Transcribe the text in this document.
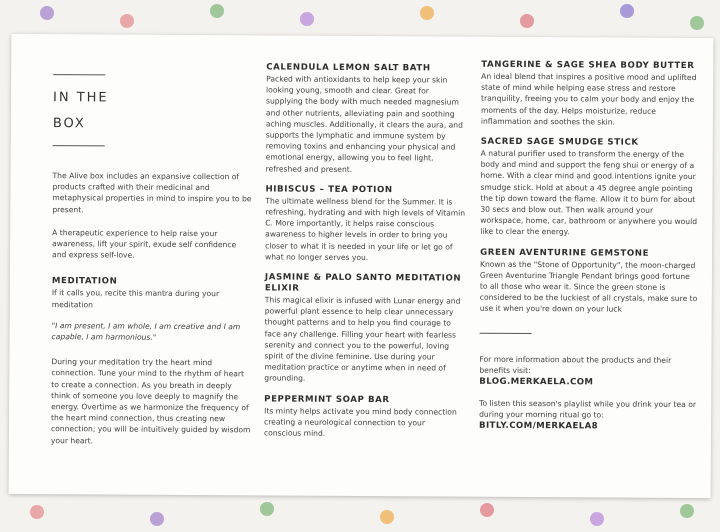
IN THE
BOX

The Alive box includes an expansive collection of products crafted with their medicinal and metaphysical properties in mind to inspire you to be present.

A therapeutic experience to help raise your awareness, lift your spirit, exude self confidence and express self-love.

MEDITATION

If it calls you, recite this mantra during your meditation

"I am present, I am whole, I am creative and I am capable, I am harmonious."

During your meditation try the heart mind connection. Tune your mind to the rhythm of heart to create a connection. As you breath in deeply think of someone you love deeply to magnify the energy. Overtime as we harmonize the frequency of the heart mind connection, thus creating new connection; you will be intuitively guided by wisdom your heart.

CALENDULA LEMON SALT BATH

Packed with antioxidants to help keep your skin looking young, smooth and clear. Great for supplying the body with much needed magnesium and other nutrients, alleviating pain and soothing aching muscles. Additionally, it clears the aura, and supports the lymphatic and immune system by removing toxins and enhancing your physical and emotional energy, allowing you to feel light, refreshed and present.

HIBISCUS – TEA POTION

The ultimate wellness blend for the Summer. It is refreshing, hydrating and with high levels of Vitamin C. More importantly, it helps raise conscious awareness to higher levels in order to bring you closer to what it is needed in your life or let go of what no longer serves you.

JASMINE & PALO SANTO MEDITATION ELIXIR

This magical elixir is infused with Lunar energy and powerful plant essence to help clear unnecessary thought patterns and to help you find courage to face any challenge. Filling your heart with fearless serenity and connect you to the powerful, loving spirit of the divine feminine. Use during your meditation practice or anytime when in need of grounding.

PEPPERMINT SOAP BAR

Its minty helps activate you mind body connection creating a neurological connection to your conscious mind.

TANGERINE & SAGE SHEA BODY BUTTER

An ideal blend that inspires a positive mood and uplifted state of mind while helping ease stress and restore tranquility, freeing you to calm your body and enjoy the moments of the day. Helps moisturize, reduce inflammation and soothes the skin.

SACRED SAGE SMUDGE STICK

A natural purifier used to transform the energy of the body and mind and support the feng shui or energy of a home. With a clear mind and good intentions ignite your smudge stick. Hold at about a 45 degree angle pointing the tip down toward the flame. Allow it to burn for about 30 secs and blow out. Then walk around your workspace, home, car, bathroom or anywhere you would like to clear the energy.

GREEN AVENTURINE GEMSTONE

Known as the "Stone of Opportunity", the moon-charged Green Aventurine Triangle Pendant brings good fortune to all those who wear it. Since the green stone is considered to be the luckiest of all crystals, make sure to use it when you're down on your luck

For more information about the products and their benefits visit:

BLOG.MERKAELA.COM

To listen this season's playlist while you drink your tea or during your morning ritual go to:

BITLY.COM/MERKAELA8
